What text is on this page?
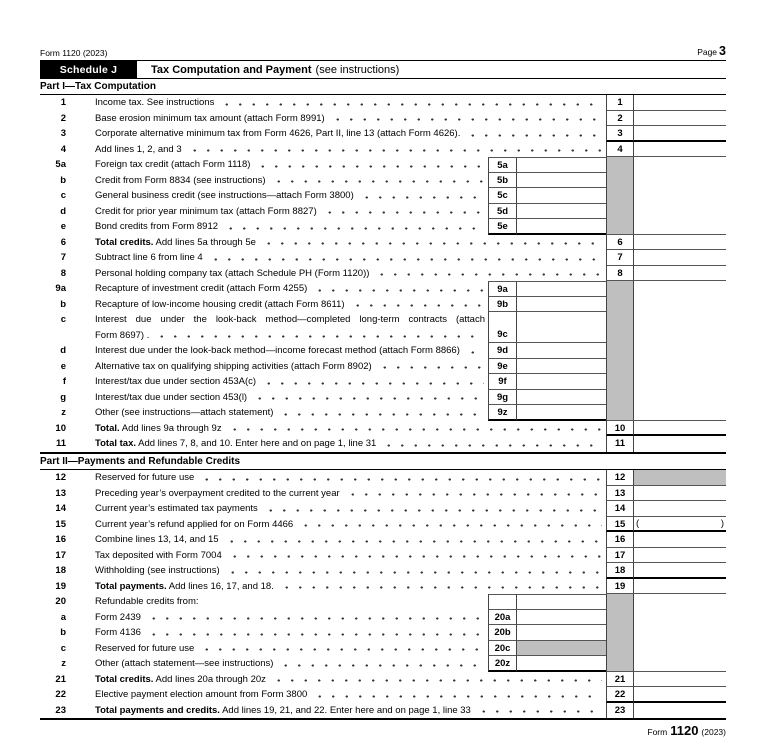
Form 1120 (2023)	Page 3
Schedule J	Tax Computation and Payment (see instructions)
Part I—Tax Computation
1	Income tax. See instructions	1
2	Base erosion minimum tax amount (attach Form 8991)	2
3	Corporate alternative minimum tax from Form 4626, Part II, line 13 (attach Form 4626).	3
4	Add lines 1, 2, and 3	4
5a	Foreign tax credit (attach Form 1118)	5a
b	Credit from Form 8834 (see instructions)	5b
c	General business credit (see instructions—attach Form 3800)	5c
d	Credit for prior year minimum tax (attach Form 8827)	5d
e	Bond credits from Form 8912	5e
6	Total credits. Add lines 5a through 5e	6
7	Subtract line 6 from line 4	7
8	Personal holding company tax (attach Schedule PH (Form 1120))	8
9a	Recapture of investment credit (attach Form 4255)	9a
b	Recapture of low-income housing credit (attach Form 8611)	9b
c	Interest due under the look-back method—completed long-term contracts (attach
Form 8697) .	9c
d	Interest due under the look-back method—income forecast method (attach Form 8866)	9d
e	Alternative tax on qualifying shipping activities (attach Form 8902)	9e
f	Interest/tax due under section 453A(c)	9f
g	Interest/tax due under section 453(l)	9g
z	Other (see instructions—attach statement)	9z
10	Total. Add lines 9a through 9z	10
11	Total tax. Add lines 7, 8, and 10. Enter here and on page 1, line 31	11
Part II—Payments and Refundable Credits
12	Reserved for future use	12
13	Preceding year’s overpayment credited to the current year	13
14	Current year’s estimated tax payments	14
15	Current year’s refund applied for on Form 4466	15	(	)
16	Combine lines 13, 14, and 15	16
17	Tax deposited with Form 7004	17
18	Withholding (see instructions)	18
19	Total payments. Add lines 16, 17, and 18.	19
20	Refundable credits from:
a	Form 2439	20a
b	Form 4136	20b
c	Reserved for future use	20c
z	Other (attach statement—see instructions)	20z
21	Total credits. Add lines 20a through 20z	21
22	Elective payment election amount from Form 3800	22
23	Total payments and credits. Add lines 19, 21, and 22. Enter here and on page 1, line 33	23
Form 1120 (2023)
